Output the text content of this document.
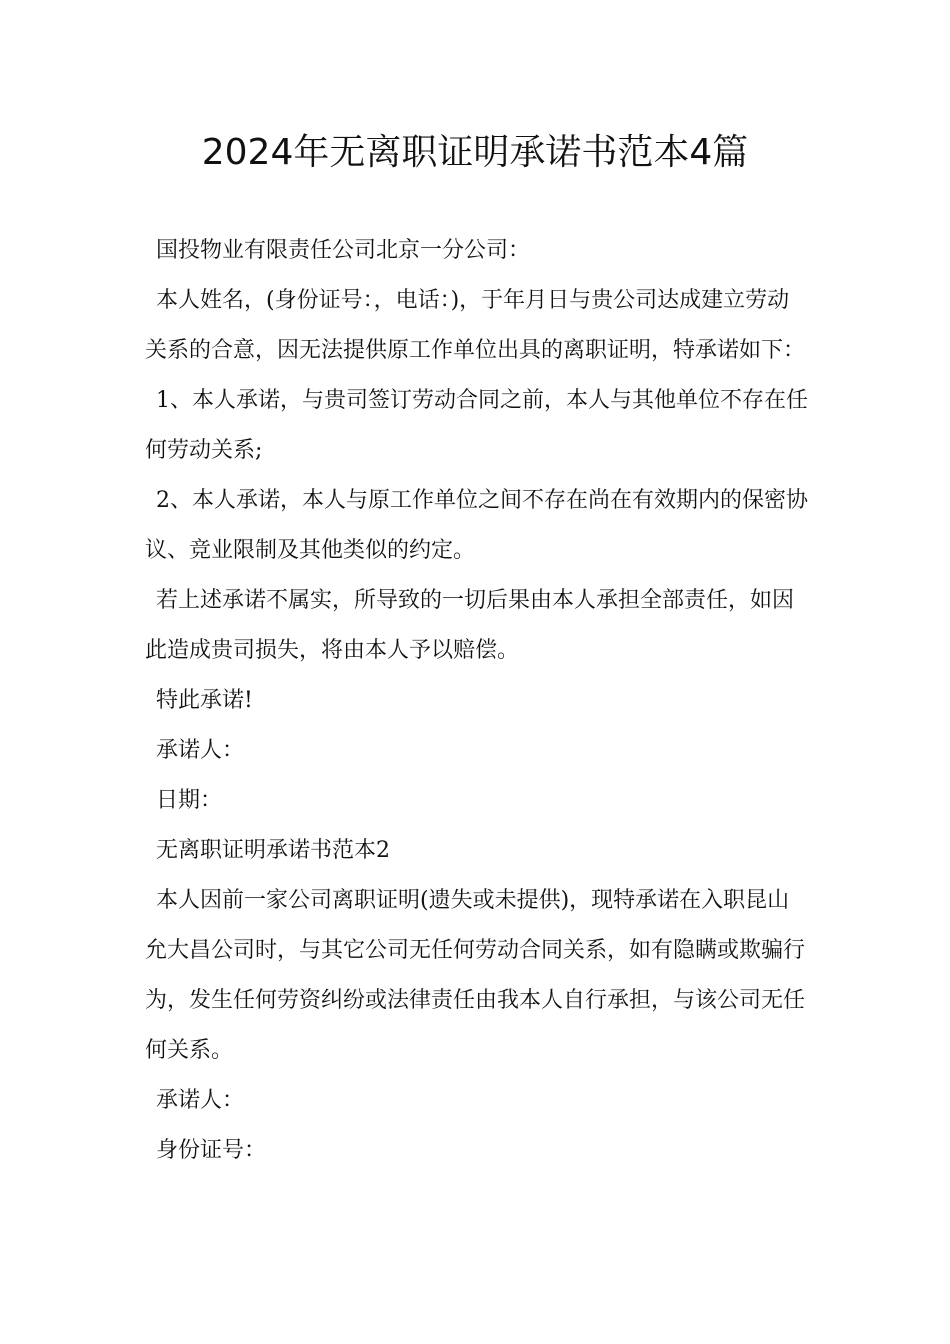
2024年无离职证明承诺书范本4篇

国投物业有限责任公司北京一分公司：

本人姓名，(身份证号：，电话：)，于年月日与贵公司达成建立劳动关系的合意，因无法提供原工作单位出具的离职证明，特承诺如下：

1、本人承诺，与贵司签订劳动合同之前，本人与其他单位不存在任何劳动关系;

2、本人承诺，本人与原工作单位之间不存在尚在有效期内的保密协议、竞业限制及其他类似的约定。

若上述承诺不属实，所导致的一切后果由本人承担全部责任，如因此造成贵司损失，将由本人予以赔偿。

特此承诺!

承诺人：

日期：

无离职证明承诺书范本2

本人因前一家公司离职证明(遗失或未提供)，现特承诺在入职昆山允大昌公司时，与其它公司无任何劳动合同关系，如有隐瞒或欺骗行为，发生任何劳资纠纷或法律责任由我本人自行承担，与该公司无任何关系。

承诺人：

身份证号：
